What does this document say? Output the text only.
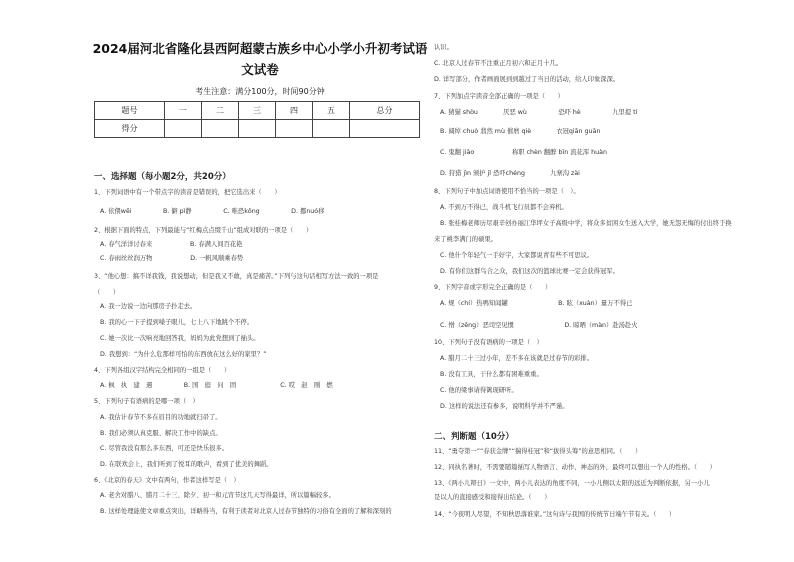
2024届河北省隆化县西阿超蒙古族乡中心小学小升初考试语
文试卷
考生注意：满分100分，时间90分钟
题号	一	二	三	四	五	总分
得分						
一、选择题（每小题2分，共20分）
1、下列词语中有一个带点字的读音是错误的，把它选出来（　　）
A. 依偎wēi　　　　　B. 僻 pì静　　　　　C. 唯恐kǒng　　　　　D. 挪nuó移
2、根据下面的特点，下列最能与“红梅点点缀千山”组成对联的一项是（　　）
A. 春气洋洋讨春来　　　　　　B. 春满人间百花艳
C. 春雨丝丝润万物　　　　　　D. 一帆风顺乘春势
3、“他心想：搞不详我钱，我说想动，但是我又不敢，真是痛苦。”下列与这句话相写方法一致的一项是
（　　）
A. 我一边说一边向那房子扑走去。
B. 我的心一下子提到嗓子眼儿，七上八下地跳个不停。
C. 她一次比一次响亮地回答我，妈妈为此党想到了插头。
D. 我想到：“为什么危那样可怕的东西放在这么好的家里？”
4、下列各组汉字结构完全相同的一组是（　　）
A. 枫　执　建　遇　　　　　B. 国　庭　问　固　　　　　　　C. 哎　赵　刚　燃
5、下列句子有语病的是哪一项（　）
A. 我估计春节不多在眉目的功地就扫帚了。
B. 我们必须认真克服、解决工作中的缺点。
C. 尽管我没有那么多东西，可还是快乐很多。
D. 在联欢会上，我们听到了悦耳的歌声，看到了优美的舞蹈。
6、《北京的春天》文中有两句，作者这样写是（　）
A. 老舍对腊八、腊月二十三、除夕、初一和元宵节这几天写得最详，所以篇幅较多。
B. 这样处理能使文章重点突出，详略得当，有利于读者对北京人过春节独特的习俗有全面的了解和深刻的
认识。
C. 北京人过春节不注重正月初六和正月十几。
D. 详写部分，作者画面展到到越过了当日的活动，给人印象深深。
7、下列加点字读音全部正确的一项是（　　）
A. 猜猫 shòu　　　　厌恶 wù　　　　　恐吓 hè　　　　　九里提 tí
B. 阔绰 chuò 翡然 mù 催磨 qiè　　　　衣冠qiān guān
C. 鬼翻 jiāo　　　　　　称职 chèn 翻醉 bīn 流花浑 huàn
D. 狩猎 jìn 颁护 jǐ 恐吓chéng　　　　九寨沟 zài
8、下列句子中加点词语使用不恰当的一项是（　）。
A. 不到万不得已，战斗机飞行员都不会弃机。
B. 张桂梅老师历尽艰辛创办丽江华坪女子高级中学，将众多贫困女生送入大学，她无怨无悔的付出终于换
来了桃李满门的硕果。
C. 他什个年轻气一手好字，大家都说青有些不可思议。
D. 有你们这群鸟合之众，我们这次的篮球比赛一定会获得冠军。
9、下列字音或字形完全正确的是（　　）
A. 规（chí）热鸭知闻罐　　　　　　　　B. 眩（xuàn）量万不得已
C. 憎（zēng）恶司空见惯　　　　　　　　D. 晾晒（màn）赴汤赴火
10、下列句子没有语病的一项是（　）
A. 腊月二十三过小年，差不多在该就是过春节的彩排。
B. 没有工具，干什么都有困难重重。
C. 他的梁事请得篱现研听。
D. 这样的说法还有参多，说明科学并不严谨。
二、判断题（10分）
11、“勇夺第一”“春获金牌”“揣得桂冠”和“拔得头筹”的意思相同。（　　）
12、同执名著时，不需要随篇插写人物语言、动作、神态的外，最终可以想出一个人的性格。（　　）
13、《两小儿辩日》一文中，两小儿表达的角度不同，一小儿侧以太阳的远近为判断依据，另一小儿
是以人的直接感受和接得出结论。（　　）
14、“今夜明人尽望，不知秋思落谁家。”这句诗与我国的传统节日端午节有关。（　　）
